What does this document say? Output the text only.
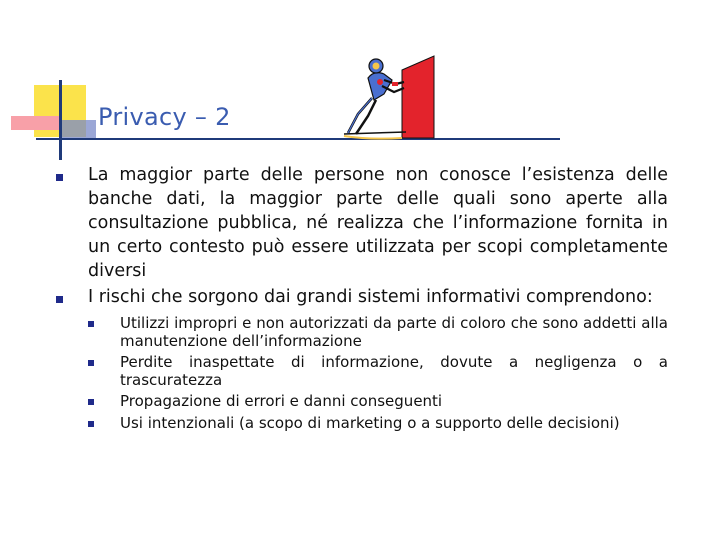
Privacy – 2
La maggior parte delle persone non conosce l’esistenza delle banche dati, la maggior parte delle quali sono aperte alla consultazione pubblica, né realizza che l’informazione fornita in un certo contesto può essere utilizzata per scopi completamente diversi
I rischi che sorgono dai grandi sistemi informativi comprendono:
Utilizzi impropri e non autorizzati da parte di coloro che sono addetti alla manutenzione dell’informazione
Perdite inaspettate di informazione, dovute a negligenza o a trascuratezza
Propagazione di errori e danni conseguenti
Usi intenzionali (a scopo di marketing o a supporto delle decisioni)
